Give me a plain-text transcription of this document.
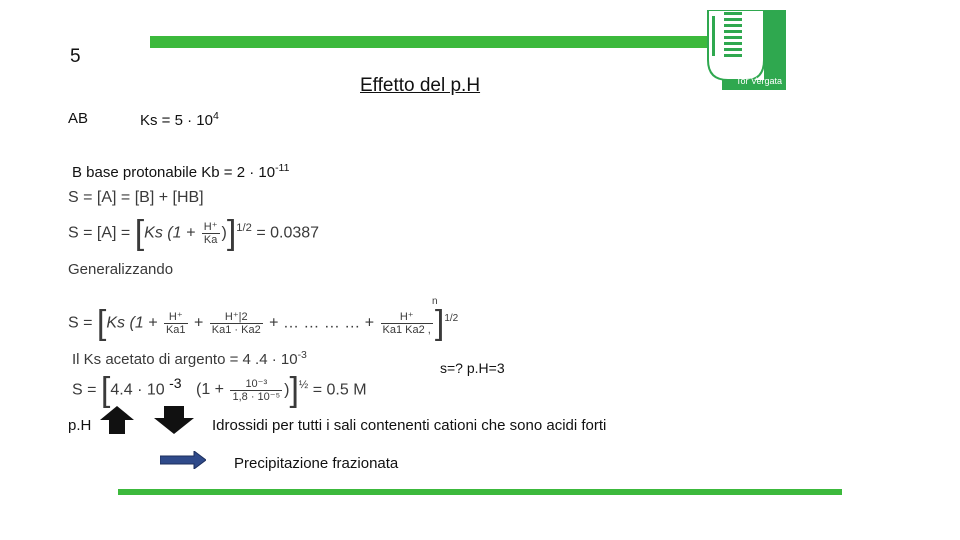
5
Effetto del p.H	Tor Vergata
AB	$Ks = 5 \cdot 10^4$
B base protonabile $Kb = 2 \cdot 10^{-11}$
S = [A] = [B] + [HB]
S = [A] = [Ks $(1 + \frac{H^+}{Ka} )]^{1/2} = 0.0387$
Generalizzando
S = [Ks ($1 + \frac{H^+}{Ka1} + \frac{H^+|2}{Ka1 \cdot Ka2}$ + … … … … + $\frac{H^+}{Ka1 Ka2 ,} ]^{1/2}$
n
Il Ks acetato di argento = 4 $.4 \cdot 10^{-3}$
S = [4.4 · 10 -3 $(1 + \frac{\text{10⁻³}}{\text{1,8 · 10⁻⁵}} )]^{\frac{1}{2}} = 0.5$ M
s=? p.H=3
p.H	Idrossidi per tutti i sali contenenti cationi che sono acidi forti
Precipitazione frazionata
